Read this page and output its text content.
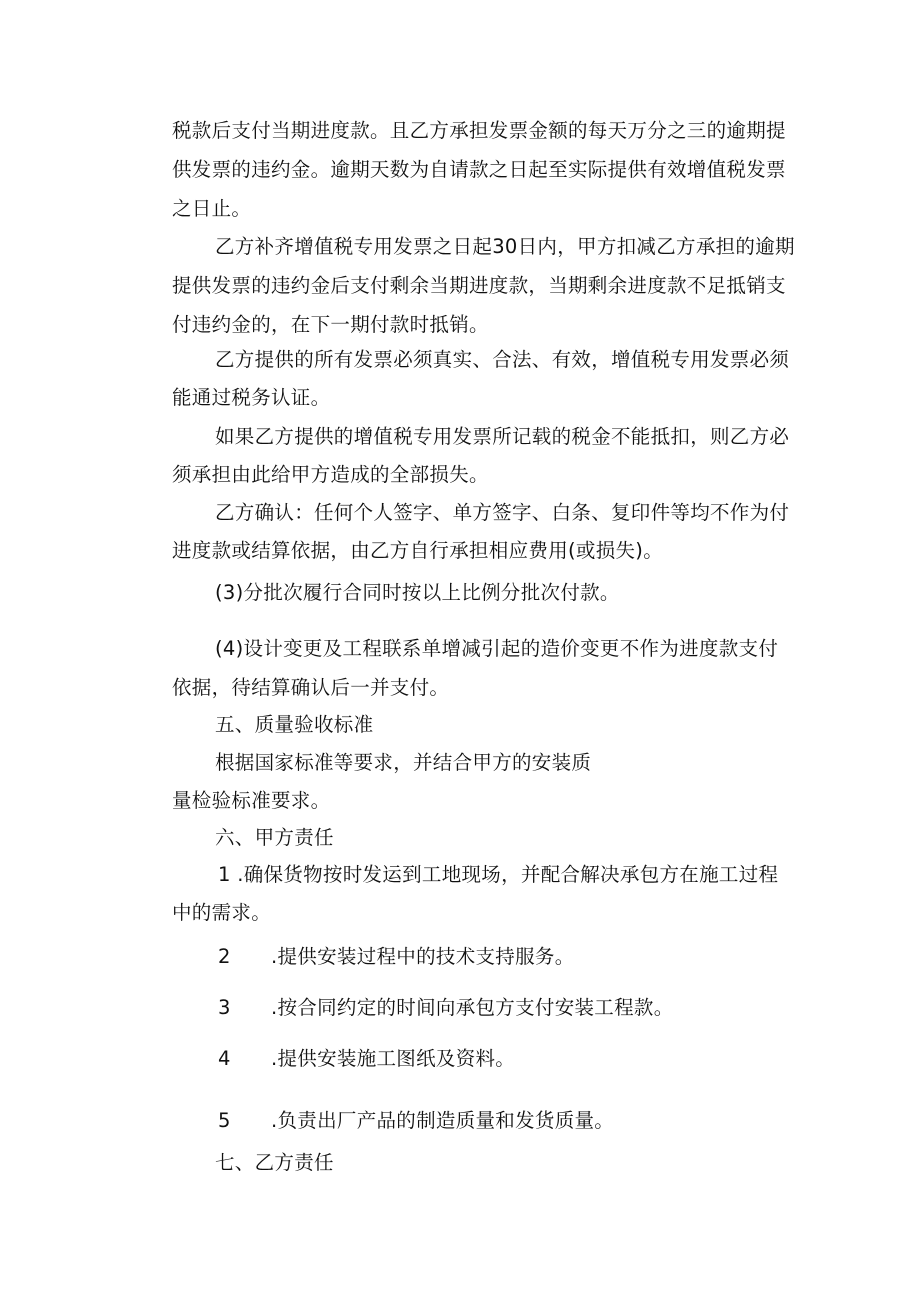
税款后支付当期进度款。且乙方承担发票金额的每天万分之三的逾期提
供发票的违约金。逾期天数为自请款之日起至实际提供有效增值税发票
之日止。
乙方补齐增值税专用发票之日起30日内，甲方扣减乙方承担的逾期
提供发票的违约金后支付剩余当期进度款，当期剩余进度款不足抵销支
付违约金的，在下一期付款时抵销。
乙方提供的所有发票必须真实、合法、有效，增值税专用发票必须
能通过税务认证。
如果乙方提供的增值税专用发票所记载的税金不能抵扣，则乙方必
须承担由此给甲方造成的全部损失。
乙方确认：任何个人签字、单方签字、白条、复印件等均不作为付
进度款或结算依据，由乙方自行承担相应费用(或损失)。
(3)分批次履行合同时按以上比例分批次付款。
(4)设计变更及工程联系单增减引起的造价变更不作为进度款支付
依据，待结算确认后一并支付。
五、质量验收标准
根据国家标准等要求，并结合甲方的安装质
量检验标准要求。
六、甲方责任
1 .确保货物按时发运到工地现场，并配合解决承包方在施工过程
中的需求。
2 .提供安装过程中的技术支持服务。
3 .按合同约定的时间向承包方支付安装工程款。
4 .提供安装施工图纸及资料。
5 .负责出厂产品的制造质量和发货质量。
七、乙方责任
